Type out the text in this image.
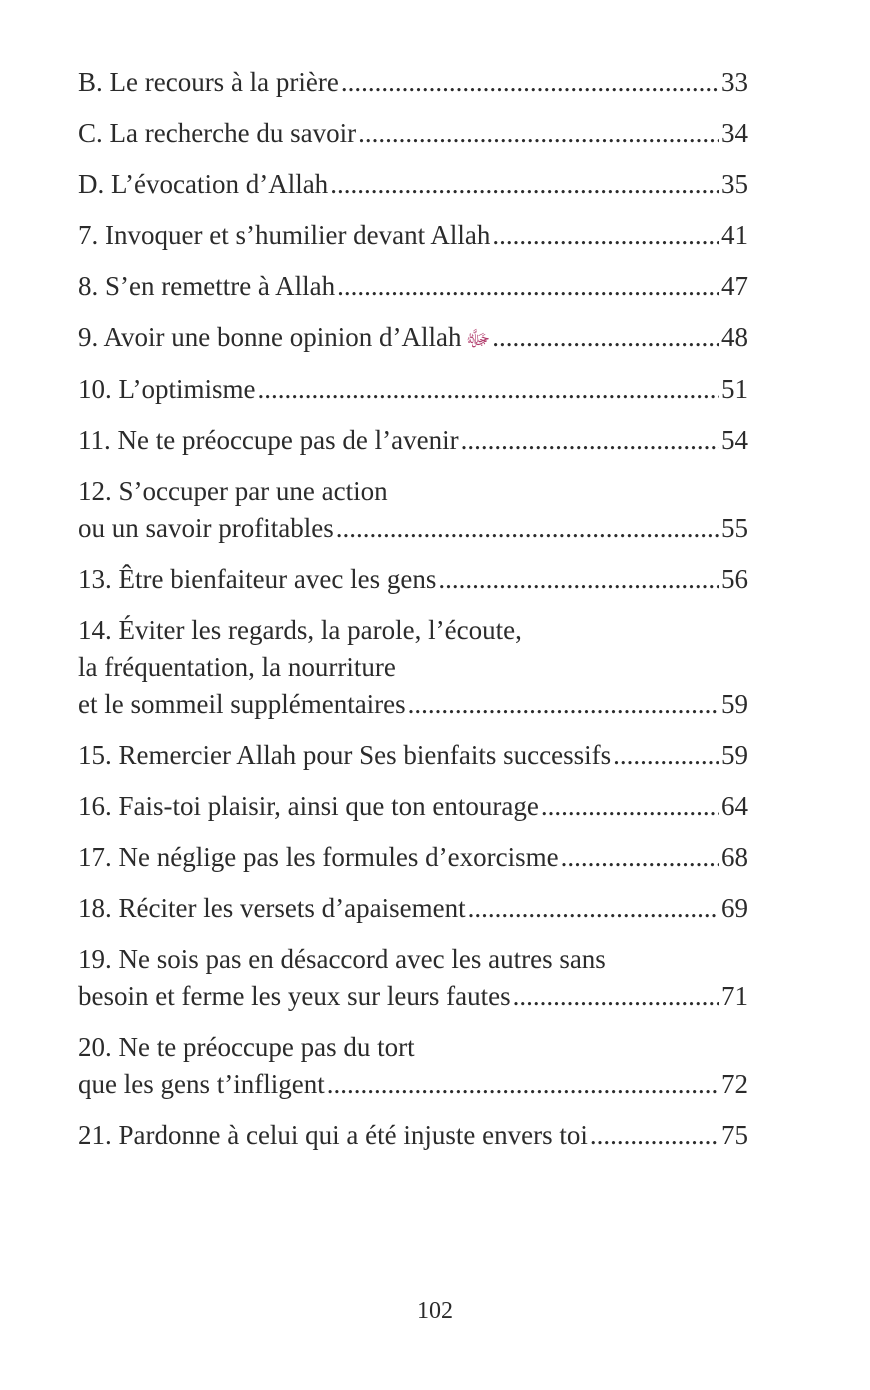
B. Le recours à la prière .....	33
C. La recherche du savoir .....	34
D. L’évocation d’Allah .....	35
7. Invoquer et s’humilier devant Allah .....	41
8. S’en remettre à Allah .....	47
9. Avoir une bonne opinion d’Allah ﷻ .....	48
10. L’optimisme .....	51
11. Ne te préoccupe pas de l’avenir .....	54
12. S’occuper par une action
ou un savoir profitables .....	55
13. Être bienfaiteur avec les gens .....	56
14. Éviter les regards, la parole, l’écoute,
la fréquentation, la nourriture
et le sommeil supplémentaires .....	59
15. Remercier Allah pour Ses bienfaits successifs .....	59
16. Fais-toi plaisir, ainsi que ton entourage .....	64
17. Ne néglige pas les formules d’exorcisme .....	68
18. Réciter les versets d’apaisement .....	69
19. Ne sois pas en désaccord avec les autres sans
besoin et ferme les yeux sur leurs fautes .....	71
20. Ne te préoccupe pas du tort
que les gens t’infligent .....	72
21. Pardonne à celui qui a été injuste envers toi .....	75
102
